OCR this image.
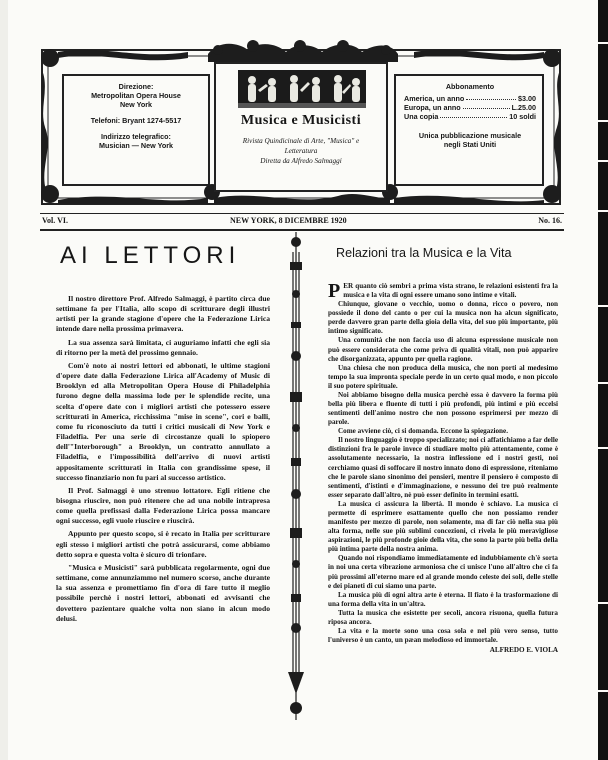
Direzione:
Metropolitan Opera House
New York
Telefoni: Bryant 1274-5517
Indirizzo telegrafico:
Musician — New York
Musica e Musicisti
Rivista Quindicinale di Arte, "Musica" e
Letteratura
Diretta da Alfredo Salmaggi
Abbonamento
America, un anno	$3.00
Europa, un anno	L.25.00
Una copia	10 soldi
Unica pubblicazione musicale
negli Stati Uniti
Vol. VI.	NEW YORK, 8 DICEMBRE 1920	No. 16.
AI LETTORI

Il nostro direttore Prof. Alfredo Salmaggi, è partito circa due settimane fa per l'Italia, allo scopo di scritturare degli illustri artisti per la grande stagione d'opere che la Federazione Lirica intende dare nella prossima primavera.

La sua assenza sarà limitata, ci auguriamo infatti che egli sia di ritorno per la metà del prossimo gennaio.

Com'è noto ai nostri lettori ed abbonati, le ultime stagioni d'opere date dalla Federazione Lirica all'Academy of Music di Brooklyn ed alla Metropolitan Opera House di Philadelphia furono degne della massima lode per le splendide recite, una scelta d'opere date con i migliori artisti che potessero essere scritturati in America, ricchissima "mise in scene", cori e balli, come fu riconosciuto da tutti i critici musicali di New York e Filadelfia. Per una serie di circostanze quali lo spiopero dell'"Interborough" a Brooklyn, un contratto annullato a Filadelfia, e l'impossibilità dell'arrivo di nuovi artisti appositamente scritturati in Italia con grandissime spese, il successo finanziario non fu pari al successo artistico.

Il Prof. Salmaggi è uno strenuo lottatore. Egli ritiene che bisogna riuscire, non può ritenere che ad una nobile intrapresa come quella prefissasi dalla Federazione Lirica possa mancare ogni successo, egli vuole riuscire e riuscirà.

Appunto per questo scopo, si è recato in Italia per scritturare egli stesso i migliori artisti che potrà assicurarsi, come abbiamo detto sopra e questa volta è sicuro di trionfare.

"Musica e Musicisti" sarà pubblicata regolarmente, ogni due settimane, come annunziammo nel numero scorso, anche durante la sua assenza e promettiamo fin d'ora di fare tutto il meglio possibile perchè i nostri lettori, abbonati ed avvisanti che dovettero pazientare qualche volta non siano in alcun modo delusi.

Relazioni tra la Musica e la Vita

PER quanto ciò sembri a prima vista strano, le relazioni esistenti fra la musica e la vita di ogni essere umano sono intime e vitali.

Chiunque, giovane o vecchio, uomo o donna, ricco o povero, non possiede il dono del canto o per cui la musica non ha alcun significato, perde davvero gran parte della gioia della vita, del suo più importante, più intimo significato.

Una comunità che non faccia uso di alcuna espressione musicale non può essere considerata che come priva di qualità vitali, non può apparire che disorganizzata, appunto per quella ragione.

Una chiesa che non produca della musica, che non porti al medesimo tempo la sua impronta speciale perde in un certo qual modo, e non piccolo il suo potere spirituale.

Noi abbiamo bisogno della musica perchè essa è davvero la forma più bella più libera e fluente di tutti i più profondi, più intimi e più eccelsi sentimenti dell'animo nostro che non possono esprimersi per mezzo di parole.

Come avviene ciò, ci si domanda. Eccone la spiegazione.

Il nostro linguaggio è troppo specializzato; noi ci affatichiamo a far delle distinzioni fra le parole invece di studiare molto più attentamente, come è assolutamente necessario, la nostra inflessione ed i nostri gesti, noi cerchiamo quasi di soffocare il nostro innato dono di espressione, riteniamo che le parole siano sinonimo dei pensieri, mentre il pensiero è composto di sentimenti, d'istinti e d'immaginazione, e nessuno dei tre può realmente esser separato dall'altro, nè può esser definito in termini esatti.

La musica ci assicura la libertà. Il mondo è schiavo. La musica ci permette di esprimere esattamente quello che non possiamo render manifesto per mezzo di parole, non solamente, ma di far ciò nella sua più alta forma, nelle sue più sublimi concezioni, ci rivela le più meravigliose aspirazioni, le più profonde gioie della vita, che sono la parte più bella della più intima parte della nostra anima.

Quando noi rispondiamo immediatamente ed indubbiamente ch'è sorta in noi una certa vibrazione armoniosa che ci unisce l'uno all'altro che ci fa più prossimi all'eterno mare ed al grande mondo celeste dei soli, delle stelle e dei pianeti di cui siamo una parte.

La musica più di ogni altra arte è eterna. Il fiato è la trasformazione di una forma della vita in un'altra.

Tutta la musica che esistette per secoli, ancora risuona, quella futura riposa ancora.

La vita e la morte sono una cosa sola e nel più vero senso, tutto l'universo è un canto, un pæan melodioso ed immortale.

ALFREDO E. VIOLA
